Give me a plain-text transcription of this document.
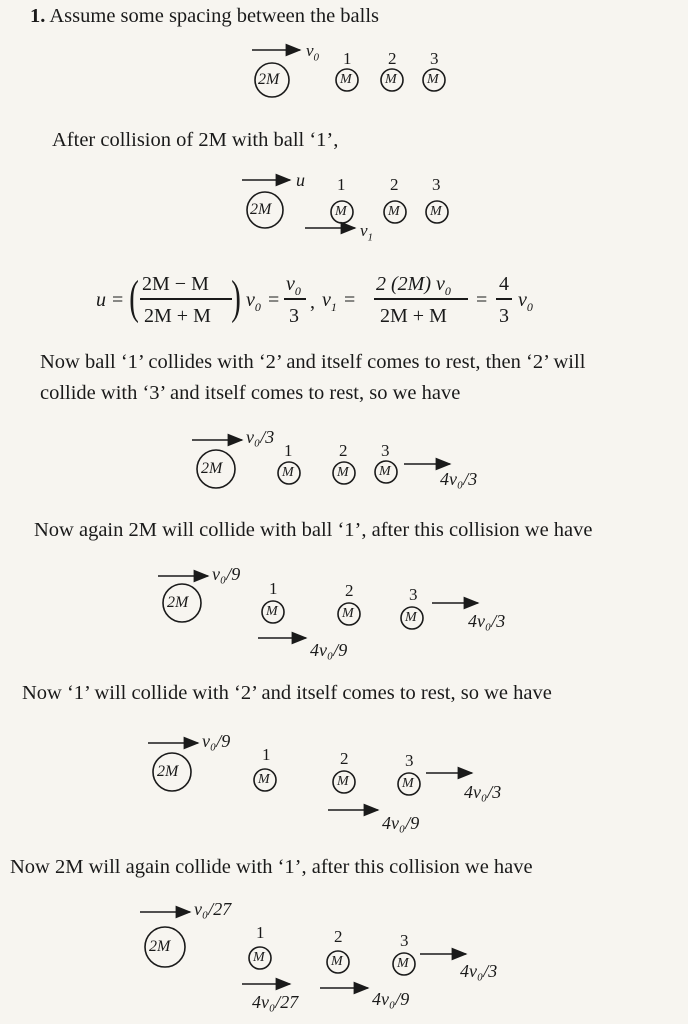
1. Assume some spacing between the balls
After collision of 2M with ball ‘1’,
Now ball ‘1’ collides with ‘2’ and itself comes to rest, then ‘2’ will
collide with ‘3’ and itself comes to rest, so we have
Now again 2M will collide with ball ‘1’, after this collision we have
Now ‘1’ will collide with ‘2’ and itself comes to rest, so we have
Now 2M will again collide with ‘1’, after this collision we have
u = ( 2M − M
2M + M ) $v_0$ =
$v_0$
3
, $v_1$ =
2 (2M) $v_0$
2M + M
=
4
3
$v_0$
$v_0$
2M
1 2 3
M M M
u
2M
1	2 3
M	M M
$v_1$
v₀/3
2M
1	2 3
M	M M	4v₀/3
v₀/9
2M
1	2	3
M	M	M	4v₀/3
4v₀/9
v₀/9
2M
1	2	3
M	M	M	4v₀/3
4v₀/9
v₀/27
2M
1	2	3
M	M	M	4v₀/3
4v₀/27	4v₀/9
